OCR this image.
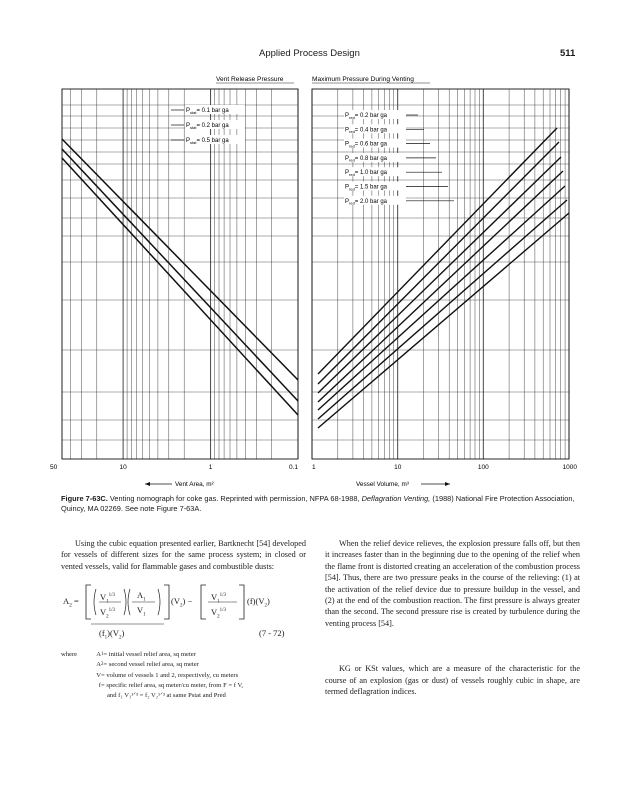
Applied Process Design	511
Vent Release Pressure	Maximum Pressure During Venting
$P_{stat}= 0.1$ bar ga
$P_{stat}= 0.2$ bar ga
$P_{stat}= 0.5$ bar ga
50	10	1	0.1
Vent Area, m²
$P_{red}= 0.2$ bar ga
$P_{red}= 0.4$ bar ga
$P_{red}= 0.6$ bar ga
$P_{red}= 0.8$ bar ga
$P_{red}= 1.0$ bar ga
$P_{red}= 1.5$ bar ga
$P_{red}= 2.0$ bar ga
1	10	100	1000
Vessel Volume, m³
Figure 7-63C. Venting nomograph for coke gas. Reprinted with permission, NFPA 68-1988, Deflagration Venting, (1988) National Fire Protection Association, Quincy, MA 02269. See note Figure 7-63A.

Using the cubic equation presented earlier, Bartknecht [54] developed for vessels of different sizes for the same process system; in closed or vented vessels, valid for flammable gases and combustible dusts:

$A_2 = V_1^{1/3}$
$V_2^{1/3}$
$A_1$
$V_1$
$(V_2) - V_1^{1/3}$
$V_2^{1/3}$
$(f)(V_2)$
$(f_1)(V_2)$	(7 - 72)
where	A 1 = initial vessel relief area, sq meter
A 2 = second vessel relief area, sq meter
V = volume of vessels 1 and 2, respectively, cu meters
f = specific relief area, sq meter/cu meter, from F = f V,
and f₁ V₁¹ᐟ³ = f₂ V₂¹ᐟ³ at same Pstat and Pred

When the relief device relieves, the explosion pressure falls off, but then it increases faster than in the beginning due to the opening of the relief when the flame front is distorted creating an acceleration of the combustion process [54]. Thus, there are two pressure peaks in the course of the relieving: (1) at the activation of the relief device due to pressure buildup in the vessel, and (2) at the end of the combustion reaction. The first pressure is always greater than the second. The second pressure rise is created by turbulence during the venting process [54].

KG or KSt values, which are a measure of the characteristic for the course of an explosion (gas or dust) of vessels roughly cubic in shape, are termed deflagration indices.
